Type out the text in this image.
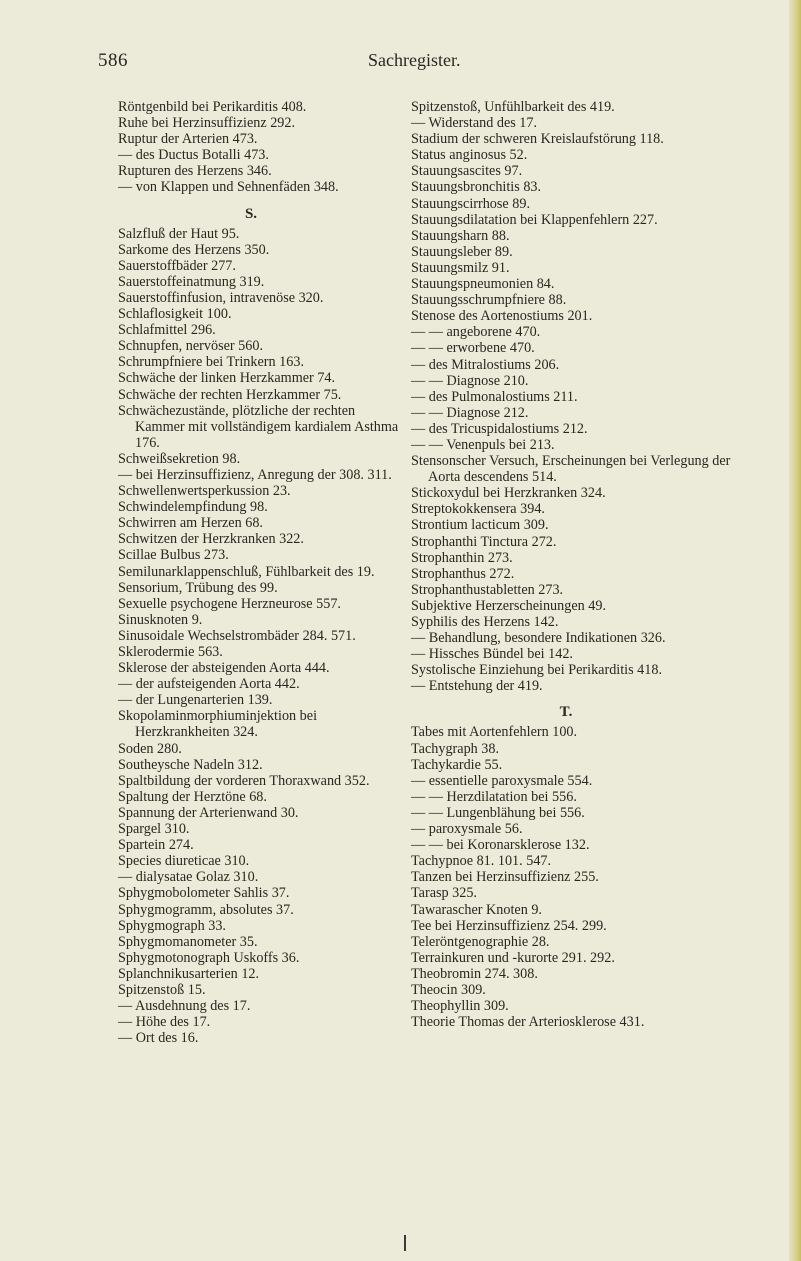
586	Sachregister.
Röntgenbild bei Perikarditis 408.
Ruhe bei Herzinsuffizienz 292.
Ruptur der Arterien 473.
— des Ductus Botalli 473.
Rupturen des Herzens 346.
— von Klappen und Sehnenfäden 348.
S.
Salzfluß der Haut 95.
Sarkome des Herzens 350.
Sauerstoffbäder 277.
Sauerstoffeinatmung 319.
Sauerstoffinfusion, intravenöse 320.
Schlaflosigkeit 100.
Schlafmittel 296.
Schnupfen, nervöser 560.
Schrumpfniere bei Trinkern 163.
Schwäche der linken Herzkammer 74.
Schwäche der rechten Herzkammer 75.
Schwächezustände, plötzliche der rechten Kammer mit vollständigem kardialem Asthma 176.
Schweißsekretion 98.
— bei Herzinsuffizienz, Anregung der 308. 311.
Schwellenwertsperkussion 23.
Schwindelempfindung 98.
Schwirren am Herzen 68.
Schwitzen der Herzkranken 322.
Scillae Bulbus 273.
Semilunarklappenschluß, Fühlbarkeit des 19.
Sensorium, Trübung des 99.
Sexuelle psychogene Herzneurose 557.
Sinusknoten 9.
Sinusoidale Wechselstrombäder 284. 571.
Sklerodermie 563.
Sklerose der absteigenden Aorta 444.
— der aufsteigenden Aorta 442.
— der Lungenarterien 139.
Skopolaminmorphiuminjektion bei Herzkrankheiten 324.
Soden 280.
Southeysche Nadeln 312.
Spaltbildung der vorderen Thoraxwand 352.
Spaltung der Herztöne 68.
Spannung der Arterienwand 30.
Spargel 310.
Spartein 274.
Species diureticae 310.
— dialysatae Golaz 310.
Sphygmobolometer Sahlis 37.
Sphygmogramm, absolutes 37.
Sphygmograph 33.
Sphygmomanometer 35.
Sphygmotonograph Uskoffs 36.
Splanchnikusarterien 12.
Spitzenstoß 15.
— Ausdehnung des 17.
— Höhe des 17.
— Ort des 16.
Spitzenstoß, Unfühlbarkeit des 419.
— Widerstand des 17.
Stadium der schweren Kreislaufstörung 118.
Status anginosus 52.
Stauungsascites 97.
Stauungsbronchitis 83.
Stauungscirrhose 89.
Stauungsdilatation bei Klappenfehlern 227.
Stauungsharn 88.
Stauungsleber 89.
Stauungsmilz 91.
Stauungspneumonien 84.
Stauungsschrumpfniere 88.
Stenose des Aortenostiums 201.
— — angeborene 470.
— — erworbene 470.
— des Mitralostiums 206.
— — Diagnose 210.
— des Pulmonalostiums 211.
— — Diagnose 212.
— des Tricuspidalostiums 212.
— — Venenpuls bei 213.
Stensonscher Versuch, Erscheinungen bei Verlegung der Aorta descendens 514.
Stickoxydul bei Herzkranken 324.
Streptokokkensera 394.
Strontium lacticum 309.
Strophanthi Tinctura 272.
Strophanthin 273.
Strophanthus 272.
Strophanthustabletten 273.
Subjektive Herzerscheinungen 49.
Syphilis des Herzens 142.
— Behandlung, besondere Indikationen 326.
— Hissches Bündel bei 142.
Systolische Einziehung bei Perikarditis 418.
— Entstehung der 419.
T.
Tabes mit Aortenfehlern 100.
Tachygraph 38.
Tachykardie 55.
— essentielle paroxysmale 554.
— — Herzdilatation bei 556.
— — Lungenblähung bei 556.
— paroxysmale 56.
— — bei Koronarsklerose 132.
Tachypnoe 81. 101. 547.
Tanzen bei Herzinsuffizienz 255.
Tarasp 325.
Tawarascher Knoten 9.
Tee bei Herzinsuffizienz 254. 299.
Teleröntgenographie 28.
Terrainkuren und -kurorte 291. 292.
Theobromin 274. 308.
Theocin 309.
Theophyllin 309.
Theorie Thomas der Arteriosklerose 431.
